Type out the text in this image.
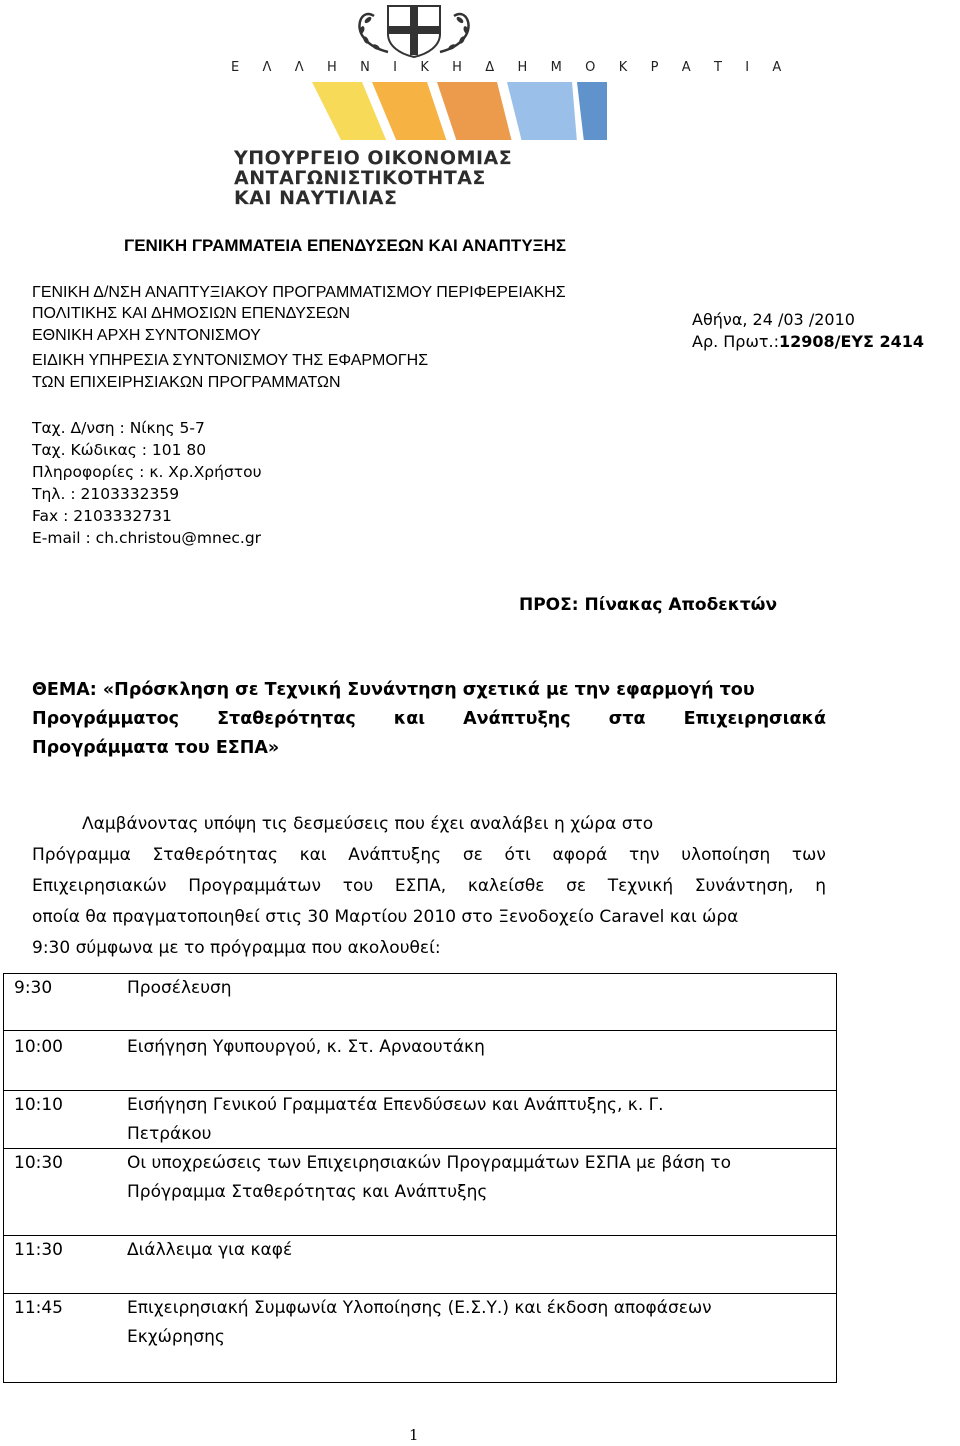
Ε Λ Λ Η Ν Ι Κ Η Δ Η Μ Ο Κ Ρ Α Τ Ι Α
ΥΠΟΥΡΓΕΙΟ ΟΙΚΟΝΟΜΙΑΣ
ΑΝΤΑΓΩΝΙΣΤΙΚΟΤΗΤΑΣ
ΚΑΙ ΝΑΥΤΙΛΙΑΣ
ΓΕΝΙΚΗ ΓΡΑΜΜΑΤΕΙΑ ΕΠΕΝΔΥΣΕΩΝ ΚΑΙ ΑΝΑΠΤΥΞΗΣ
ΓΕΝΙΚΗ Δ/ΝΣΗ ΑΝΑΠΤΥΞΙΑΚΟΥ ΠΡΟΓΡΑΜΜΑΤΙΣΜΟΥ ΠΕΡΙΦΕΡΕΙΑΚΗΣ
ΠΟΛΙΤΙΚΗΣ ΚΑΙ ΔΗΜΟΣΙΩΝ ΕΠΕΝΔΥΣΕΩΝ
ΕΘΝΙΚΗ ΑΡΧΗ ΣΥΝΤΟΝΙΣΜΟΥ
ΕΙΔΙΚΗ ΥΠΗΡΕΣΙΑ ΣΥΝΤΟΝΙΣΜΟΥ ΤΗΣ ΕΦΑΡΜΟΓΗΣ
ΤΩΝ ΕΠΙΧΕΙΡΗΣΙΑΚΩΝ ΠΡΟΓΡΑΜΜΑΤΩΝ
Αθήνα, 24 /03 /2010
Αρ. Πρωτ.:12908/ΕΥΣ 2414
Ταχ. Δ/νση : Νίκης 5-7
Ταχ. Κώδικας : 101 80
Πληροφορίες : κ. Χρ.Χρήστου
Τηλ. : 2103332359
Fax : 2103332731
E-mail : ch.christou@mnec.gr
ΠΡΟΣ: Πίνακας Αποδεκτών
ΘΕΜΑ: «Πρόσκληση σε Τεχνική Συνάντηση σχετικά με την εφαρμογή του
Προγράμματος Σταθερότητας και Ανάπτυξης στα Επιχειρησιακά
Προγράμματα του ΕΣΠΑ»
Λαμβάνοντας υπόψη τις δεσμεύσεις που έχει αναλάβει η χώρα στο
Πρόγραμμα Σταθερότητας και Ανάπτυξης σε ότι αφορά την υλοποίηση των
Επιχειρησιακών Προγραμμάτων του ΕΣΠΑ, καλείσθε σε Τεχνική Συνάντηση, η
οποία θα πραγματοποιηθεί στις 30 Μαρτίου 2010 στο Ξενοδοχείο Caravel και ώρα
9:30 σύμφωνα με το πρόγραμμα που ακολουθεί:
9:30	Προσέλευση
10:00	Εισήγηση Υφυπουργού, κ. Στ. Αρναουτάκη
10:10	Εισήγηση Γενικού Γραμματέα Επενδύσεων και Ανάπτυξης, κ. Γ.
Πετράκου
10:30	Οι υποχρεώσεις των Επιχειρησιακών Προγραμμάτων ΕΣΠΑ με βάση το
Πρόγραμμα Σταθερότητας και Ανάπτυξης
11:30	Διάλλειμα για καφέ
11:45	Επιχειρησιακή Συμφωνία Υλοποίησης (Ε.Σ.Υ.) και έκδοση αποφάσεων
Εκχώρησης
1
